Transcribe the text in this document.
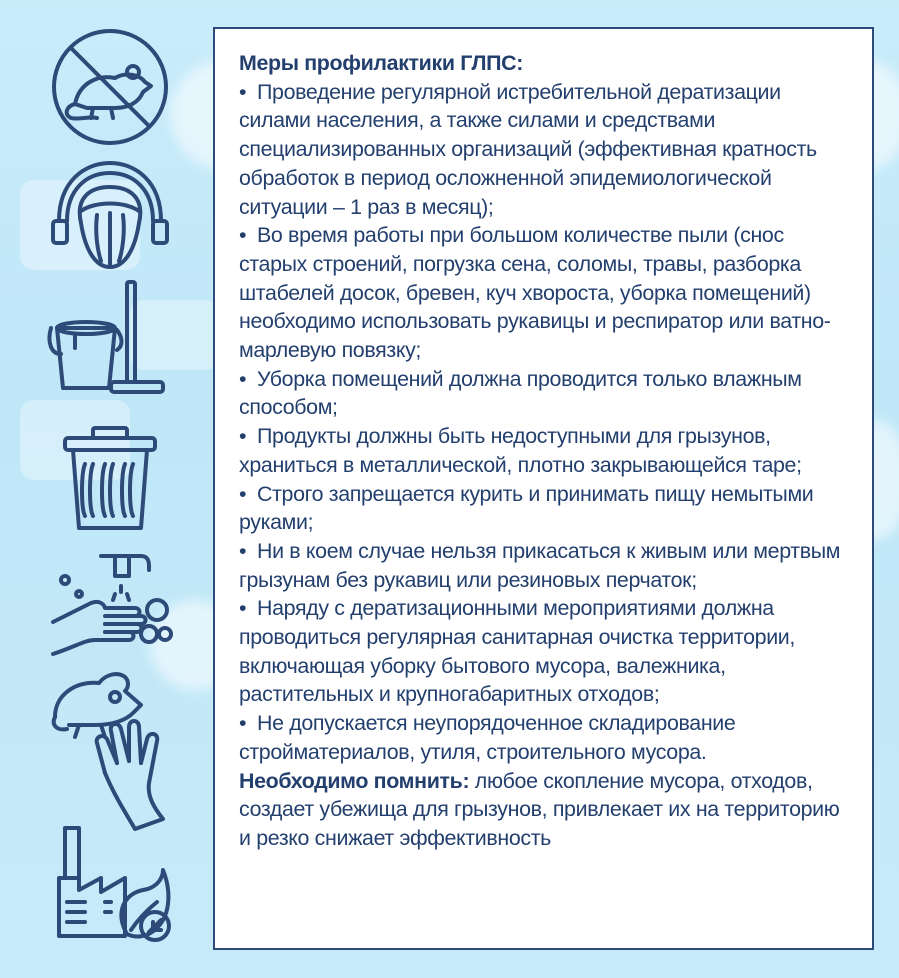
Меры профилактики ГЛПС:

• Проведение регулярной истребительной дератизации силами населения, а также силами и средствами специализированных организаций (эффективная кратность обработок в период осложненной эпидемиологической ситуации – 1 раз в месяц);

• Во время работы при большом количестве пыли (снос старых строений, погрузка сена, соломы, травы, разборка штабелей досок, бревен, куч хвороста, уборка помещений) необходимо использовать рукавицы и респиратор или ватно-марлевую повязку;

• Уборка помещений должна проводится только влажным способом;

• Продукты должны быть недоступными для грызунов, храниться в металлической, плотно закрывающейся таре;

• Строго запрещается курить и принимать пищу немытыми руками;

• Ни в коем случае нельзя прикасаться к живым или мертвым грызунам без рукавиц или резиновых перчаток;

• Наряду с дератизационными мероприятиями должна проводиться регулярная санитарная очистка территории, включающая уборку бытового мусора, валежника, растительных и крупногабаритных отходов;

• Не допускается неупорядоченное складирование стройматериалов, утиля, строительного мусора.

Необходимо помнить: любое скопление мусора, отходов, создает убежища для грызунов, привлекает их на территорию и резко снижает эффективность
